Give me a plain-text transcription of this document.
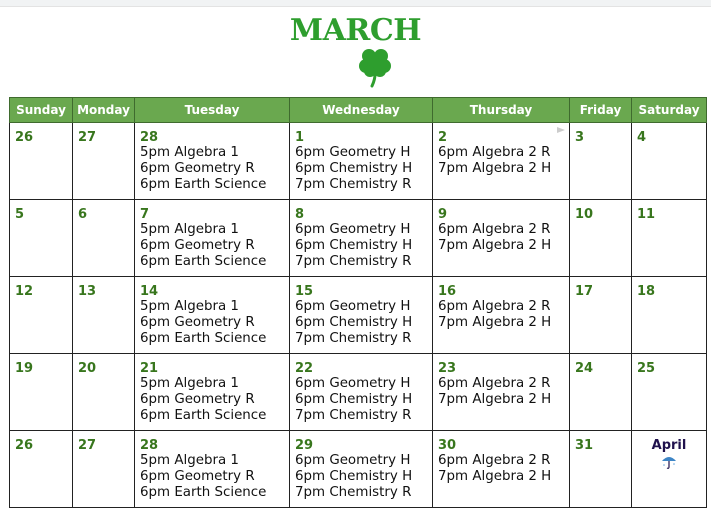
MARCH
Sunday	Monday	Tuesday	Wednesday	Thursday	Friday	Saturday

26	27	28
5pm Algebra 1
6pm Geometry R
6pm Earth Science	1
6pm Geometry H
6pm Chemistry H
7pm Chemistry R	2
6pm Algebra 2 R
7pm Algebra 2 H	3	4

5	6	7
5pm Algebra 1
6pm Geometry R
6pm Earth Science	8
6pm Geometry H
6pm Chemistry H
7pm Chemistry R	9
6pm Algebra 2 R
7pm Algebra 2 H	10	11

12	13	14
5pm Algebra 1
6pm Geometry R
6pm Earth Science	15
6pm Geometry H
6pm Chemistry H
7pm Chemistry R	16
6pm Algebra 2 R
7pm Algebra 2 H	17	18

19	20	21
5pm Algebra 1
6pm Geometry R
6pm Earth Science	22
6pm Geometry H
6pm Chemistry H
7pm Chemistry R	23
6pm Algebra 2 R
7pm Algebra 2 H	24	25

26	27	28
5pm Algebra 1
6pm Geometry R
6pm Earth Science	29
6pm Geometry H
6pm Chemistry H
7pm Chemistry R	30
6pm Algebra 2 R
7pm Algebra 2 H	31	April
